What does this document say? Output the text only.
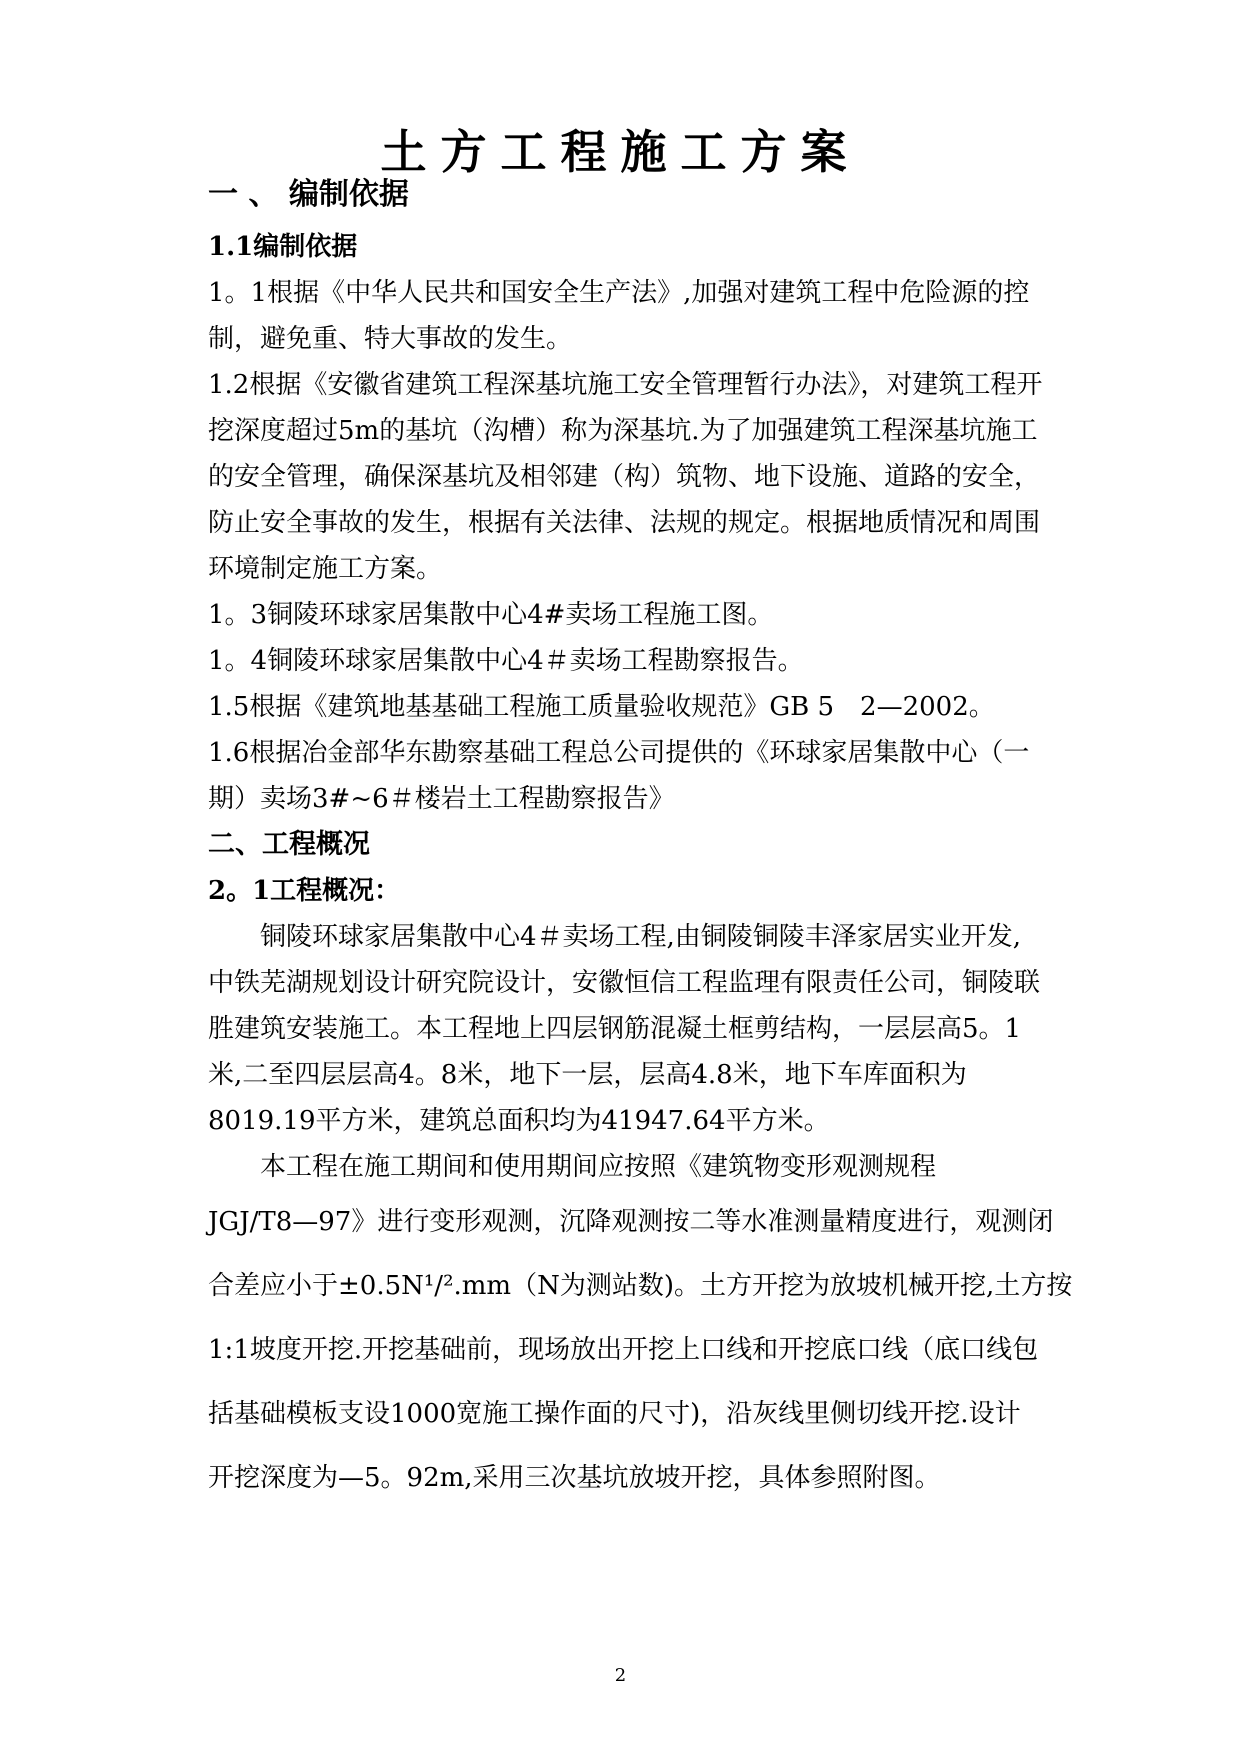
土方工程施工方案
一 、 编制依据
1.1编制依据
1。1根据《中华人民共和国安全生产法》,加强对建筑工程中危险源的控
制，避免重、特大事故的发生。
1.2根据《安徽省建筑工程深基坑施工安全管理暂行办法》，对建筑工程开
挖深度超过5m的基坑（沟槽）称为深基坑.为了加强建筑工程深基坑施工
的安全管理，确保深基坑及相邻建（构）筑物、地下设施、道路的安全，
防止安全事故的发生，根据有关法律、法规的规定。根据地质情况和周围
环境制定施工方案。
1。3铜陵环球家居集散中心4#卖场工程施工图。
1。4铜陵环球家居集散中心4＃卖场工程勘察报告。
1.5根据《建筑地基基础工程施工质量验收规范》GB 5　2—2002。
1.6根据冶金部华东勘察基础工程总公司提供的《环球家居集散中心（一
期）卖场3#~6＃楼岩土工程勘察报告》
二、工程概况
2。1工程概况：
铜陵环球家居集散中心4＃卖场工程,由铜陵铜陵丰泽家居实业开发,
中铁芜湖规划设计研究院设计，安徽恒信工程监理有限责任公司，铜陵联
胜建筑安装施工。本工程地上四层钢筋混凝土框剪结构，一层层高5。1
米,二至四层层高4。8米，地下一层，层高4.8米，地下车库面积为
8019.19平方米，建筑总面积均为41947.64平方米。
本工程在施工期间和使用期间应按照《建筑物变形观测规程
JGJ/T8—97》进行变形观测，沉降观测按二等水准测量精度进行，观测闭
合差应小于±0.5N¹/².mm（N为测站数)。土方开挖为放坡机械开挖,土方按
1:1坡度开挖.开挖基础前，现场放出开挖上口线和开挖底口线（底口线包
括基础模板支设1000宽施工操作面的尺寸)，沿灰线里侧切线开挖.设计
开挖深度为—5。92m,采用三次基坑放坡开挖，具体参照附图。
2
